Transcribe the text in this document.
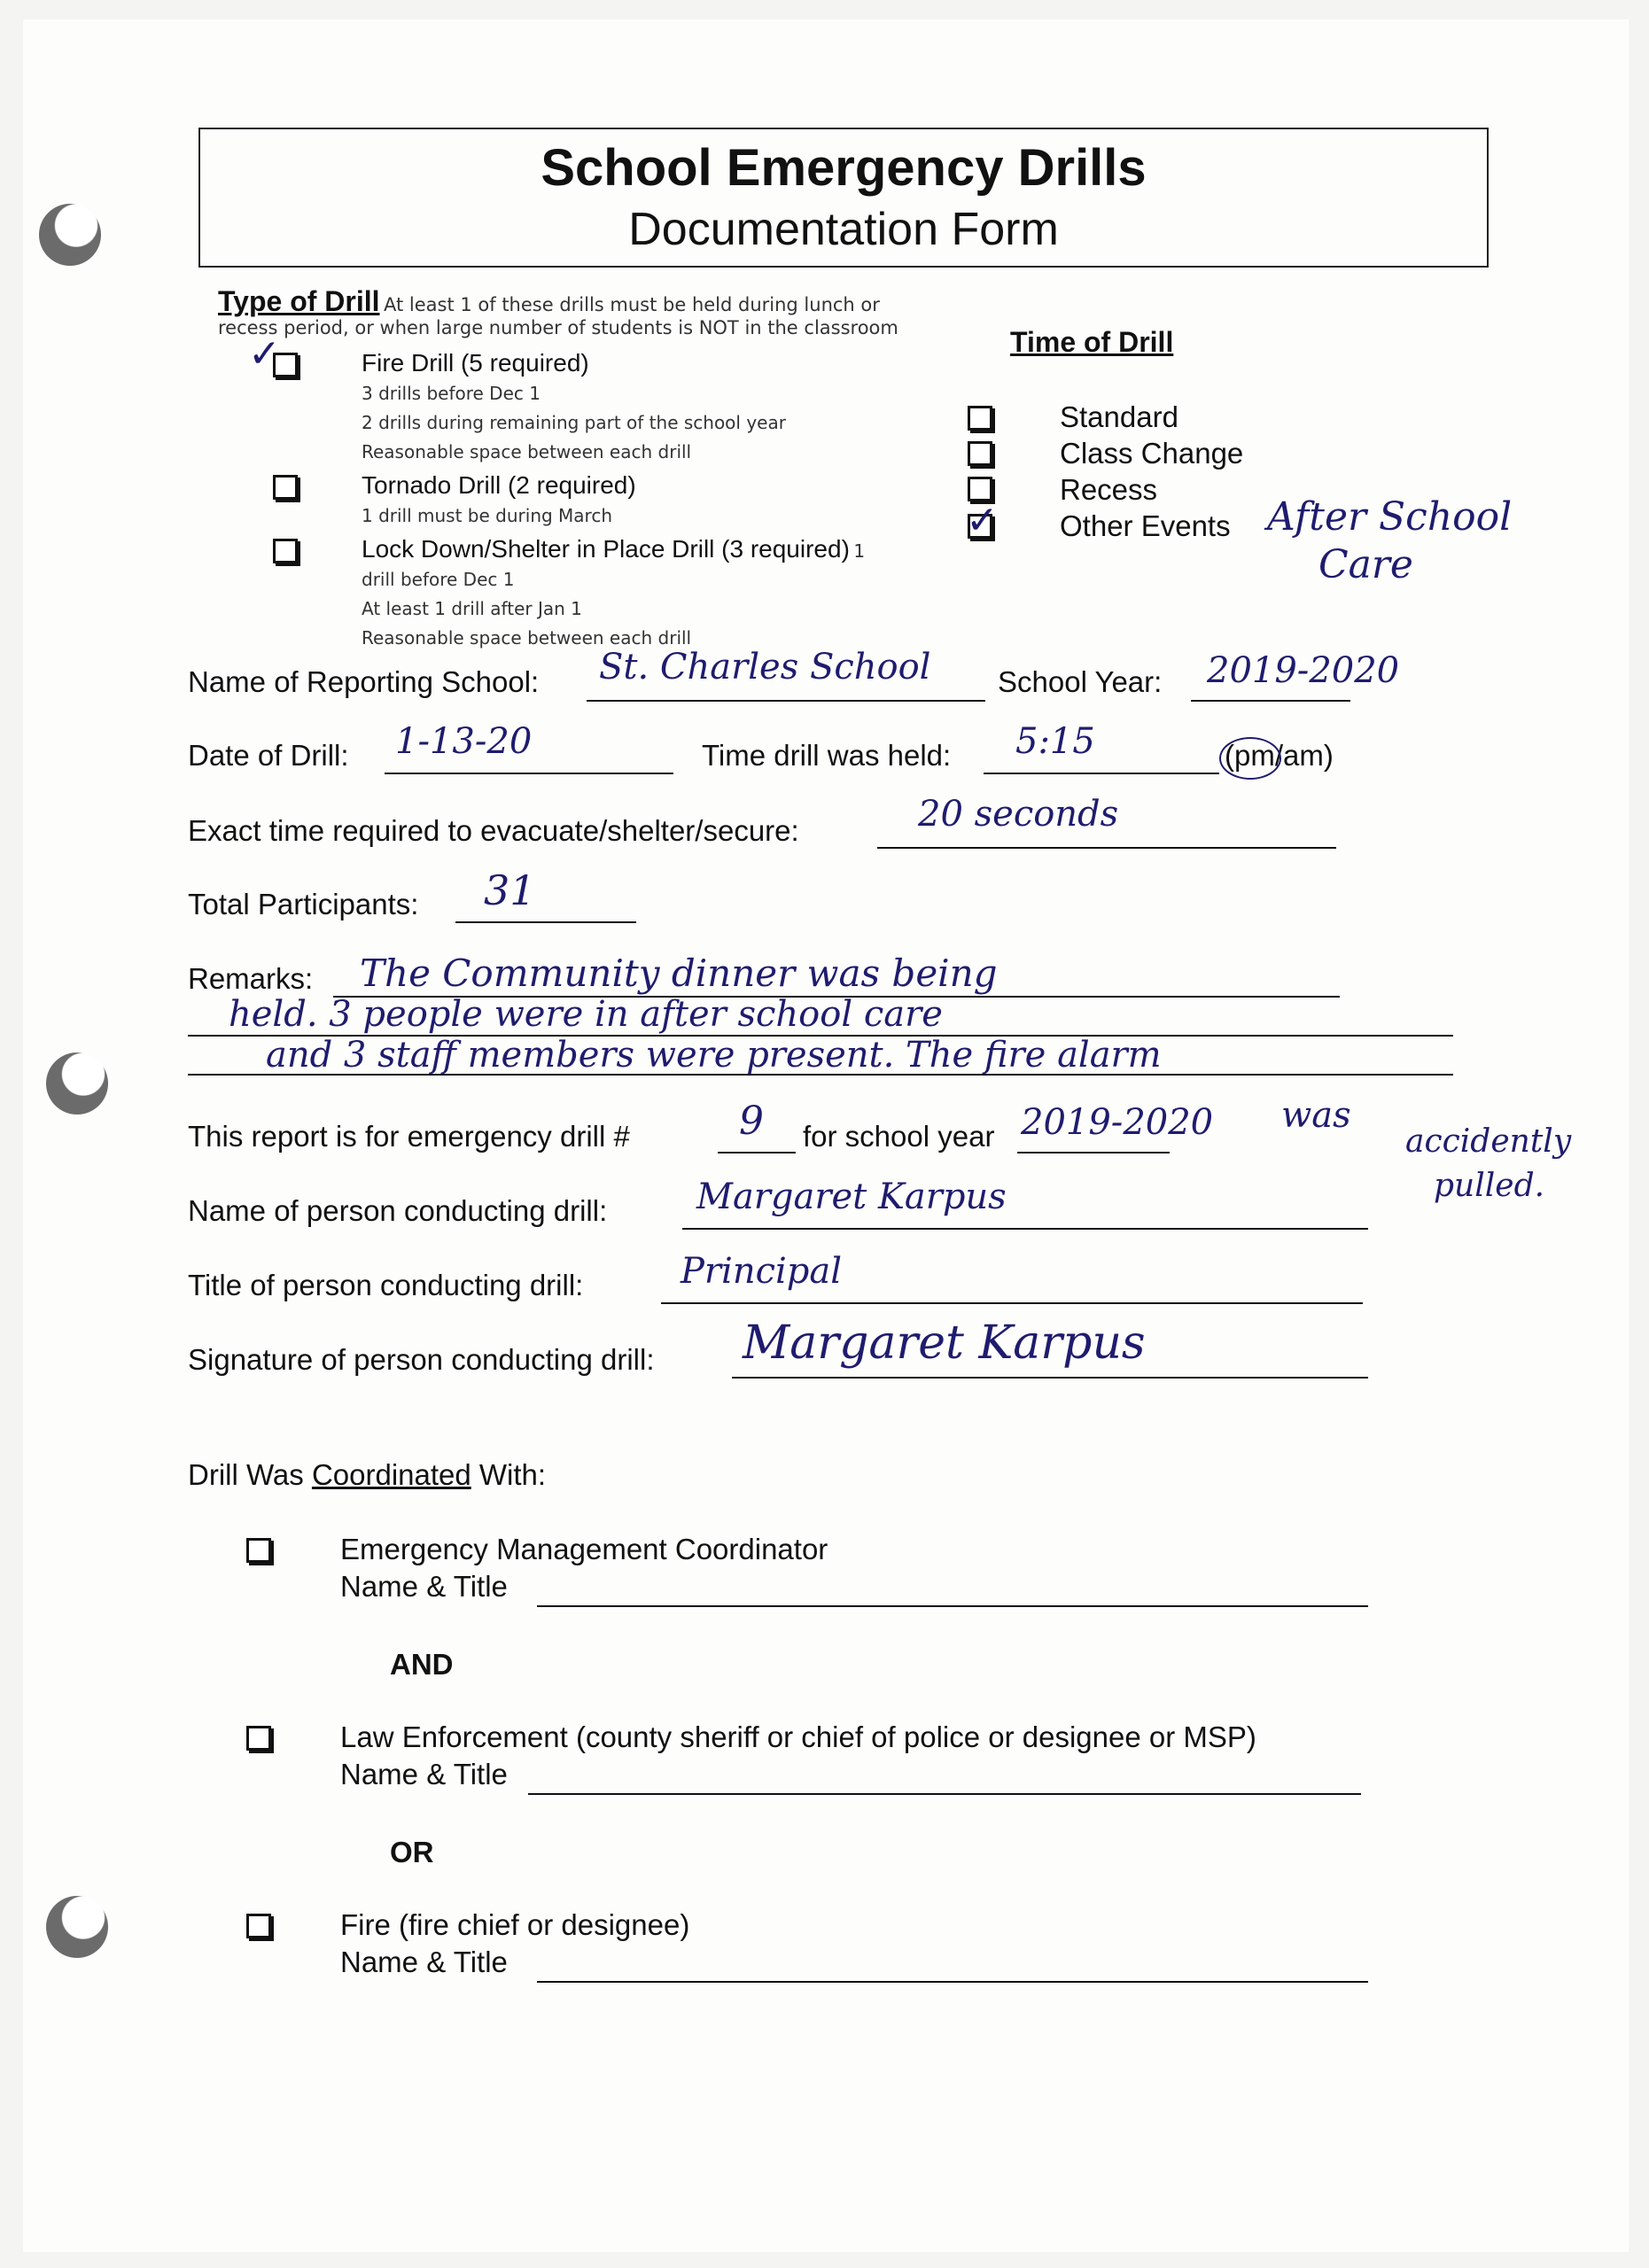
School Emergency Drills
Documentation Form
Type of Drill At least 1 of these drills must be held during lunch or
recess period, or when large number of students is NOT in the classroom
✓	Fire Drill (5 required)
3 drills before Dec 1
2 drills during remaining part of the school year
Reasonable space between each drill
Tornado Drill (2 required)
1 drill must be during March
Lock Down/Shelter in Place Drill (3 required) 1
drill before Dec 1
At least 1 drill after Jan 1
Reasonable space between each drill
Time of Drill
Standard
Class Change
Recess
✓ Other Events After School
Care
Name of Reporting School: St. Charles School School Year: 2019-2020
Date of Drill: 1-13-20	Time drill was held: 5:15	(pm/am)
Exact time required to evacuate/shelter/secure:	20 seconds
Total Participants: 31
Remarks: The Community dinner was being
held. 3 people were in after school care
and 3 staff members were present. The fire alarm
was
accidently
pulled.
This report is for emergency drill #	9 for school year 2019-2020
Name of person conducting drill:	Margaret Karpus
Title of person conducting drill:	Principal
Signature of person conducting drill: Margaret Karpus
Drill Was Coordinated With:
Emergency Management Coordinator
Name & Title
AND
Law Enforcement (county sheriff or chief of police or designee or MSP)
Name & Title
OR
Fire (fire chief or designee)
Name & Title
